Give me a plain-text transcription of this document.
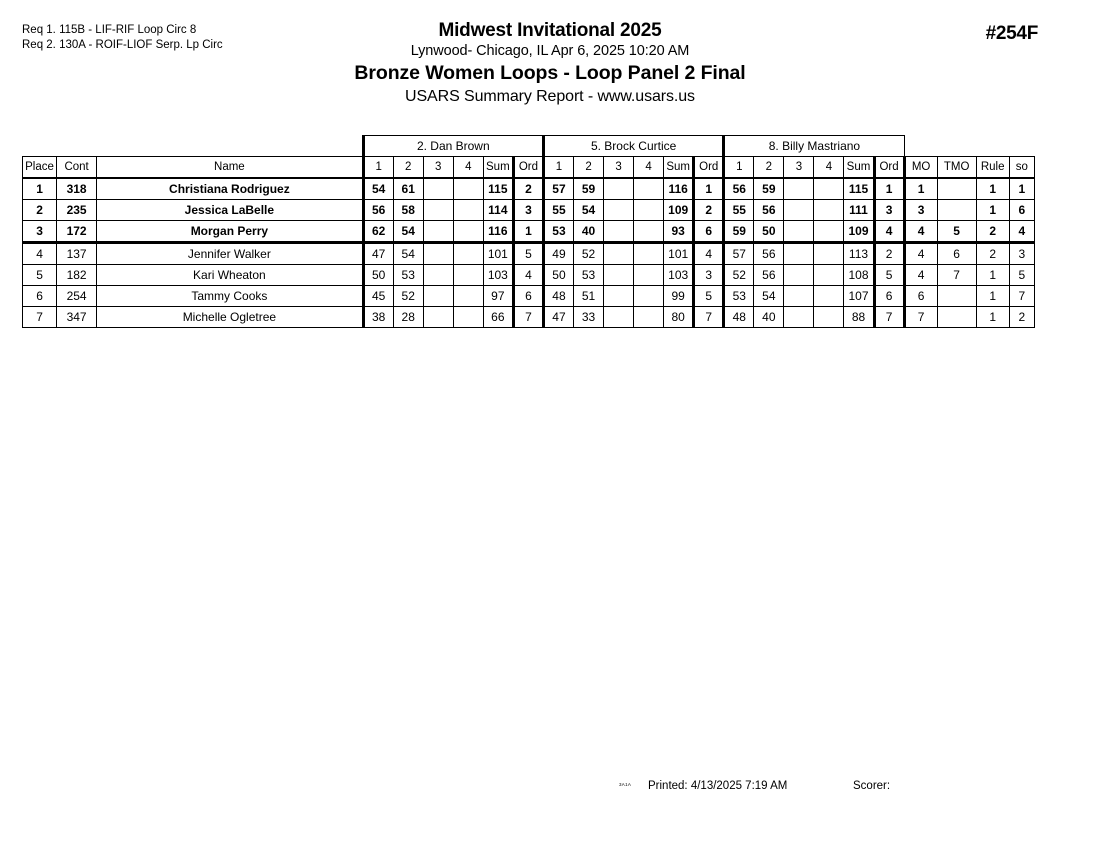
Req 1. 115B - LIF-RIF Loop Circ 8
Req 2. 130A - ROIF-LIOF Serp. Lp Circ
Midwest Invitational 2025
Lynwood- Chicago, IL Apr 6, 2025 10:20 AM
Bronze Women Loops - Loop Panel 2 Final
USARS Summary Report - www.usars.us
#254F
			2. Dan Brown						5. Brock Curtice						8. Billy Mastriano									
Place	Cont	Name	1	2	3	4	Sum	Ord	1	2	3	4	Sum	Ord	1	2	3	4	Sum	Ord	MO	TMO	Rule	so
1	318	Christiana Rodriguez	54	61			115	2	57	59			116	1	56	59			115	1	1		1	1
2	235	Jessica LaBelle	56	58			114	3	55	54			109	2	55	56			111	3	3		1	6
3	172	Morgan Perry	62	54			116	1	53	40			93	6	59	50			109	4	4	5	2	4
4	137	Jennifer Walker	47	54			101	5	49	52			101	4	57	56			113	2	4	6	2	3
5	182	Kari Wheaton	50	53			103	4	50	53			103	3	52	56			108	5	4	7	1	5
6	254	Tammy Cooks	45	52			97	6	48	51			99	5	53	54			107	6	6		1	7
7	347	Michelle Ogletree	38	28			66	7	47	33			80	7	48	40			88	7	7		1	2
3A1A Printed: 4/13/2025 7:19 AM	Scorer:
